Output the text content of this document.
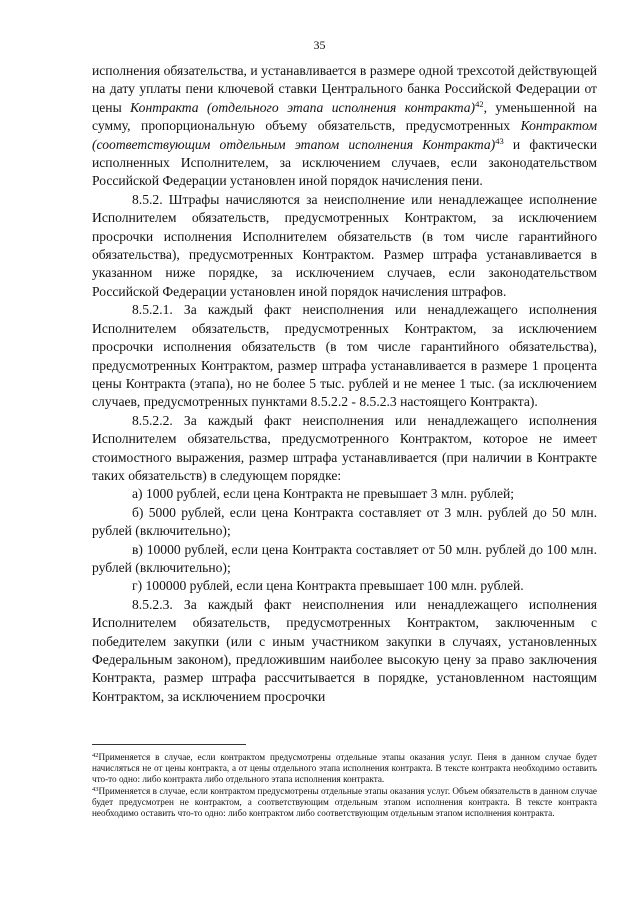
35

исполнения обязательства, и устанавливается в размере одной трехсотой действующей на дату уплаты пени ключевой ставки Центрального банка Российской Федерации от цены Контракта (отдельного этапа исполнения контракта)$^{42}$, уменьшенной на сумму, пропорциональную объему обязательств, предусмотренных Контрактом (соответствующим отдельным этапом исполнения Контракта)$^{43}$ и фактически исполненных Исполнителем, за исключением случаев, если законодательством Российской Федерации установлен иной порядок начисления пени.

8.5.2. Штрафы начисляются за неисполнение или ненадлежащее исполнение Исполнителем обязательств, предусмотренных Контрактом, за исключением просрочки исполнения Исполнителем обязательств (в том числе гарантийного обязательства), предусмотренных Контрактом. Размер штрафа устанавливается в указанном ниже порядке, за исключением случаев, если законодательством Российской Федерации установлен иной порядок начисления штрафов.

8.5.2.1. За каждый факт неисполнения или ненадлежащего исполнения Исполнителем обязательств, предусмотренных Контрактом, за исключением просрочки исполнения обязательств (в том числе гарантийного обязательства), предусмотренных Контрактом, размер штрафа устанавливается в размере 1 процента цены Контракта (этапа), но не более 5 тыс. рублей и не менее 1 тыс. (за исключением случаев, предусмотренных пунктами 8.5.2.2 - 8.5.2.3 настоящего Контракта).

8.5.2.2. За каждый факт неисполнения или ненадлежащего исполнения Исполнителем обязательства, предусмотренного Контрактом, которое не имеет стоимостного выражения, размер штрафа устанавливается (при наличии в Контракте таких обязательств) в следующем порядке:

а) 1000 рублей, если цена Контракта не превышает 3 млн. рублей;

б) 5000 рублей, если цена Контракта составляет от 3 млн. рублей до 50 млн. рублей (включительно);

в) 10000 рублей, если цена Контракта составляет от 50 млн. рублей до 100 млн. рублей (включительно);

г) 100000 рублей, если цена Контракта превышает 100 млн. рублей.

8.5.2.3. За каждый факт неисполнения или ненадлежащего исполнения Исполнителем обязательств, предусмотренных Контрактом, заключенным с победителем закупки (или с иным участником закупки в случаях, установленных Федеральным законом), предложившим наиболее высокую цену за право заключения Контракта, размер штрафа рассчитывается в порядке, установленном настоящим Контрактом, за исключением просрочки

$^{42}$Применяется в случае, если контрактом предусмотрены отдельные этапы оказания услуг. Пеня в данном случае будет начисляться не от цены контракта, а от цены отдельного этапа исполнения контракта. В тексте контракта необходимо оставить что-то одно: либо контракта либо отдельного этапа исполнения контракта.

$^{43}$Применяется в случае, если контрактом предусмотрены отдельные этапы оказания услуг. Объем обязательств в данном случае будет предусмотрен не контрактом, а соответствующим отдельным этапом исполнения контракта. В тексте контракта необходимо оставить что-то одно: либо контрактом либо соответствующим отдельным этапом исполнения контракта.
